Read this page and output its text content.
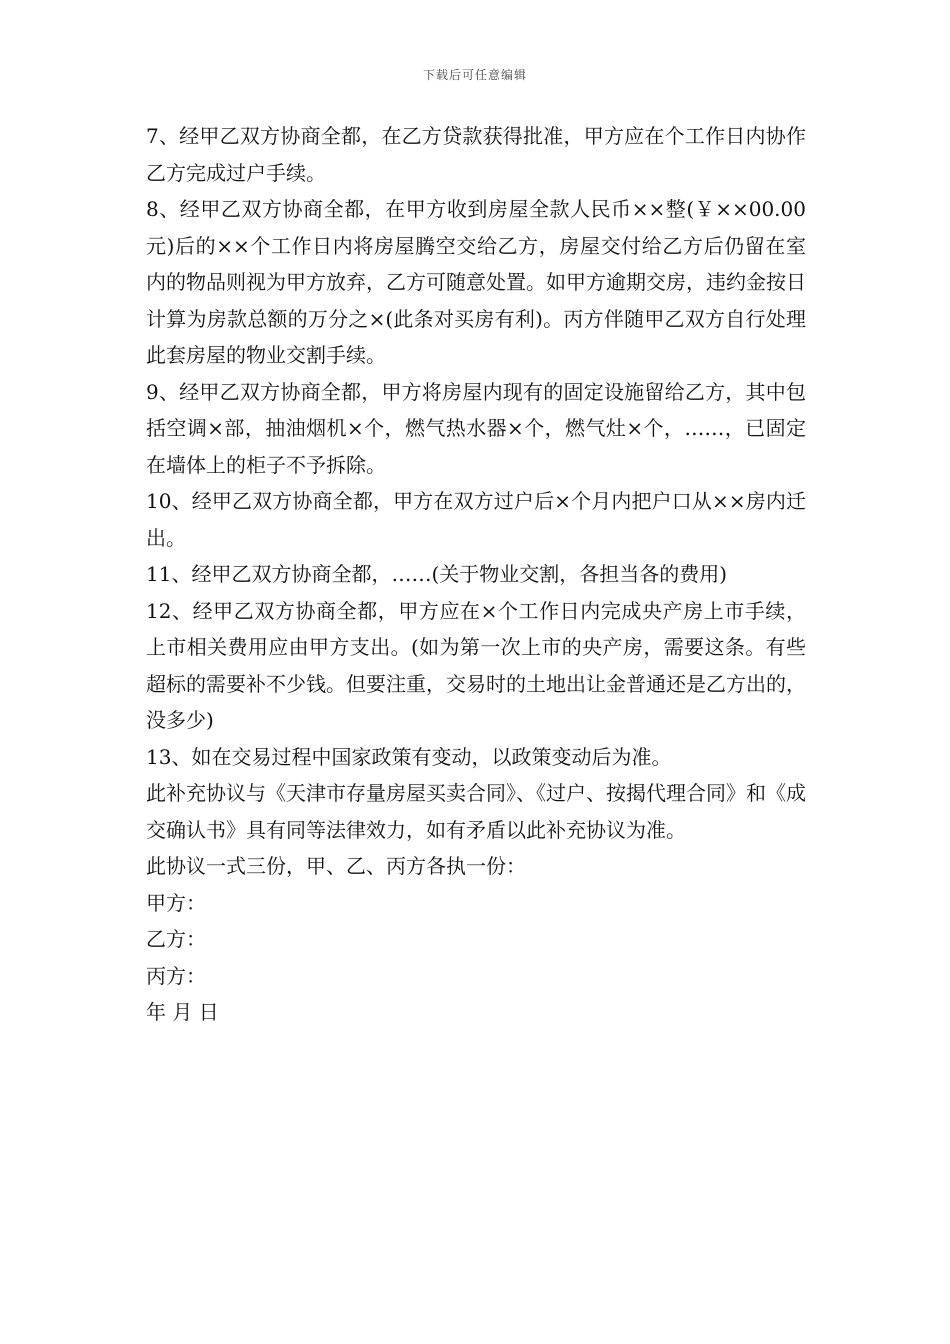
下载后可任意编辑

7、经甲乙双方协商全都，在乙方贷款获得批准，甲方应在个工作日内协作乙方完成过户手续。

8、经甲乙双方协商全都，在甲方收到房屋全款人民币××整(￥××00.00元)后的××个工作日内将房屋腾空交给乙方，房屋交付给乙方后仍留在室内的物品则视为甲方放弃，乙方可随意处置。如甲方逾期交房，违约金按日计算为房款总额的万分之×(此条对买房有利)。丙方伴随甲乙双方自行处理此套房屋的物业交割手续。

9、经甲乙双方协商全都，甲方将房屋内现有的固定设施留给乙方，其中包括空调×部，抽油烟机×个，燃气热水器×个，燃气灶×个，……，已固定在墙体上的柜子不予拆除。

10、经甲乙双方协商全都，甲方在双方过户后×个月内把户口从××房内迁出。

11、经甲乙双方协商全都，……(关于物业交割，各担当各的费用)

12、经甲乙双方协商全都，甲方应在×个工作日内完成央产房上市手续，上市相关费用应由甲方支出。(如为第一次上市的央产房，需要这条。有些超标的需要补不少钱。但要注重，交易时的土地出让金普通还是乙方出的，没多少)

13、如在交易过程中国家政策有变动，以政策变动后为准。

此补充协议与《天津市存量房屋买卖合同》、《过户、按揭代理合同》和《成交确认书》具有同等法律效力，如有矛盾以此补充协议为准。

此协议一式三份，甲、乙、丙方各执一份：

甲方：

乙方：

丙方：

年 月 日
